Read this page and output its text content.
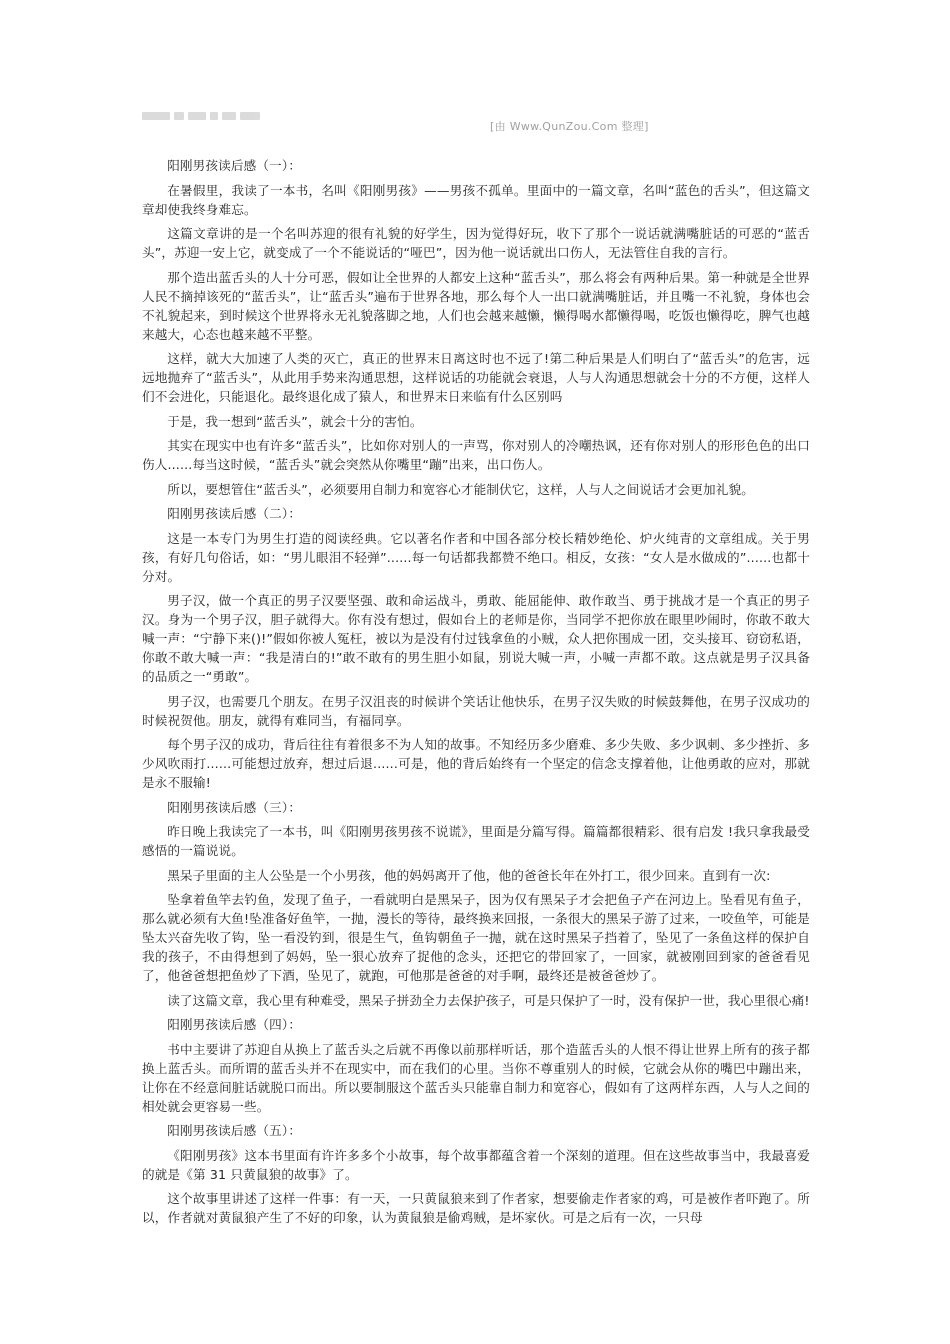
[由 Www.QunZou.Com 整理]

阳刚男孩读后感（一）：

在暑假里，我读了一本书，名叫《阳刚男孩》——男孩不孤单。里面中的一篇文章，名叫“蓝色的舌头”，但这篇文章却使我终身难忘。

这篇文章讲的是一个名叫苏迎的很有礼貌的好学生，因为觉得好玩，收下了那个一说话就满嘴脏话的可恶的“蓝舌头”，苏迎一安上它，就变成了一个不能说话的“哑巴”，因为他一说话就出口伤人，无法管住自我的言行。

那个造出蓝舌头的人十分可恶，假如让全世界的人都安上这种“蓝舌头”，那么将会有两种后果。第一种就是全世界人民不摘掉该死的“蓝舌头”，让“蓝舌头”遍布于世界各地，那么每个人一出口就满嘴脏话，并且嘴一不礼貌，身体也会不礼貌起来，到时候这个世界将永无礼貌落脚之地，人们也会越来越懒，懒得喝水都懒得喝，吃饭也懒得吃，脾气也越来越大，心态也越来越不平整。

这样，就大大加速了人类的灭亡，真正的世界末日离这时也不远了!第二种后果是人们明白了“蓝舌头”的危害，远远地抛弃了“蓝舌头”，从此用手势来沟通思想，这样说话的功能就会衰退，人与人沟通思想就会十分的不方便，这样人们不会进化，只能退化。最终退化成了猿人，和世界末日来临有什么区别吗

于是，我一想到“蓝舌头”，就会十分的害怕。

其实在现实中也有许多“蓝舌头”，比如你对别人的一声骂，你对别人的冷嘲热讽，还有你对别人的形形色色的出口伤人......每当这时候，“蓝舌头”就会突然从你嘴里“蹦”出来，出口伤人。

所以，要想管住“蓝舌头”，必须要用自制力和宽容心才能制伏它，这样，人与人之间说话才会更加礼貌。

阳刚男孩读后感（二）：

这是一本专门为男生打造的阅读经典。它以著名作者和中国各部分校长精妙绝伦、炉火纯青的文章组成。关于男孩，有好几句俗话，如：“男儿眼泪不轻弹”......每一句话都我都赞不绝口。相反，女孩：“女人是水做成的”......也都十分对。

男子汉，做一个真正的男子汉要坚强、敢和命运战斗，勇敢、能屈能伸、敢作敢当、勇于挑战才是一个真正的男子汉。身为一个男子汉，胆子就得大。你有没有想过，假如台上的老师是你，当同学不把你放在眼里吵闹时，你敢不敢大喊一声：“宁静下来()!”假如你被人冤枉，被以为是没有付过钱拿鱼的小贼，众人把你围成一团，交头接耳、窃窃私语，你敢不敢大喊一声：“我是清白的!”敢不敢有的男生胆小如鼠，别说大喊一声，小喊一声都不敢。这点就是男子汉具备的品质之一“勇敢”。

男子汉，也需要几个朋友。在男子汉沮丧的时候讲个笑话让他快乐，在男子汉失败的时候鼓舞他，在男子汉成功的时候祝贺他。朋友，就得有难同当，有福同享。

每个男子汉的成功，背后往往有着很多不为人知的故事。不知经历多少磨难、多少失败、多少讽刺、多少挫折、多少风吹雨打......可能想过放弃，想过后退......可是，他的背后始终有一个坚定的信念支撑着他，让他勇敢的应对，那就是永不服输!

阳刚男孩读后感（三）：

昨日晚上我读完了一本书，叫《阳刚男孩男孩不说谎》，里面是分篇写得。篇篇都很精彩、很有启发 !我只拿我最受感悟的一篇说说。

黑呆子里面的主人公坠是一个小男孩，他的妈妈离开了他，他的爸爸长年在外打工，很少回来。直到有一次:

坠拿着鱼竿去钓鱼，发现了鱼子，一看就明白是黑呆子，因为仅有黑呆子才会把鱼子产在河边上。坠看见有鱼子，那么就必须有大鱼!坠准备好鱼竿，一抛，漫长的等待，最终换来回报，一条很大的黑呆子游了过来，一咬鱼竿，可能是坠太兴奋先收了钩，坠一看没钓到，很是生气，鱼钩朝鱼子一抛，就在这时黑呆子挡着了，坠见了一条鱼这样的保护自我的孩子，不由得想到了妈妈，坠一狠心放弃了捉他的念头，还把它的带回家了，一回家，就被刚回到家的爸爸看见了，他爸爸想把鱼炒了下酒，坠见了，就跑，可他那是爸爸的对手啊，最终还是被爸爸炒了。

读了这篇文章，我心里有种难受，黑呆子拼劲全力去保护孩子，可是只保护了一时，没有保护一世，我心里很心痛!

阳刚男孩读后感（四）：

书中主要讲了苏迎自从换上了蓝舌头之后就不再像以前那样听话，那个造蓝舌头的人恨不得让世界上所有的孩子都换上蓝舌头。而所谓的蓝舌头并不在现实中，而在我们的心里。当你不尊重别人的时候，它就会从你的嘴巴中蹦出来，让你在不经意间脏话就脱口而出。所以要制服这个蓝舌头只能靠自制力和宽容心，假如有了这两样东西，人与人之间的相处就会更容易一些。

阳刚男孩读后感（五）：

《阳刚男孩》这本书里面有许许多多个小故事，每个故事都蕴含着一个深刻的道理。但在这些故事当中，我最喜爱的就是《第 31 只黄鼠狼的故事》了。

这个故事里讲述了这样一件事：有一天，一只黄鼠狼来到了作者家，想要偷走作者家的鸡，可是被作者吓跑了。所以，作者就对黄鼠狼产生了不好的印象，认为黄鼠狼是偷鸡贼，是坏家伙。可是之后有一次，一只母
